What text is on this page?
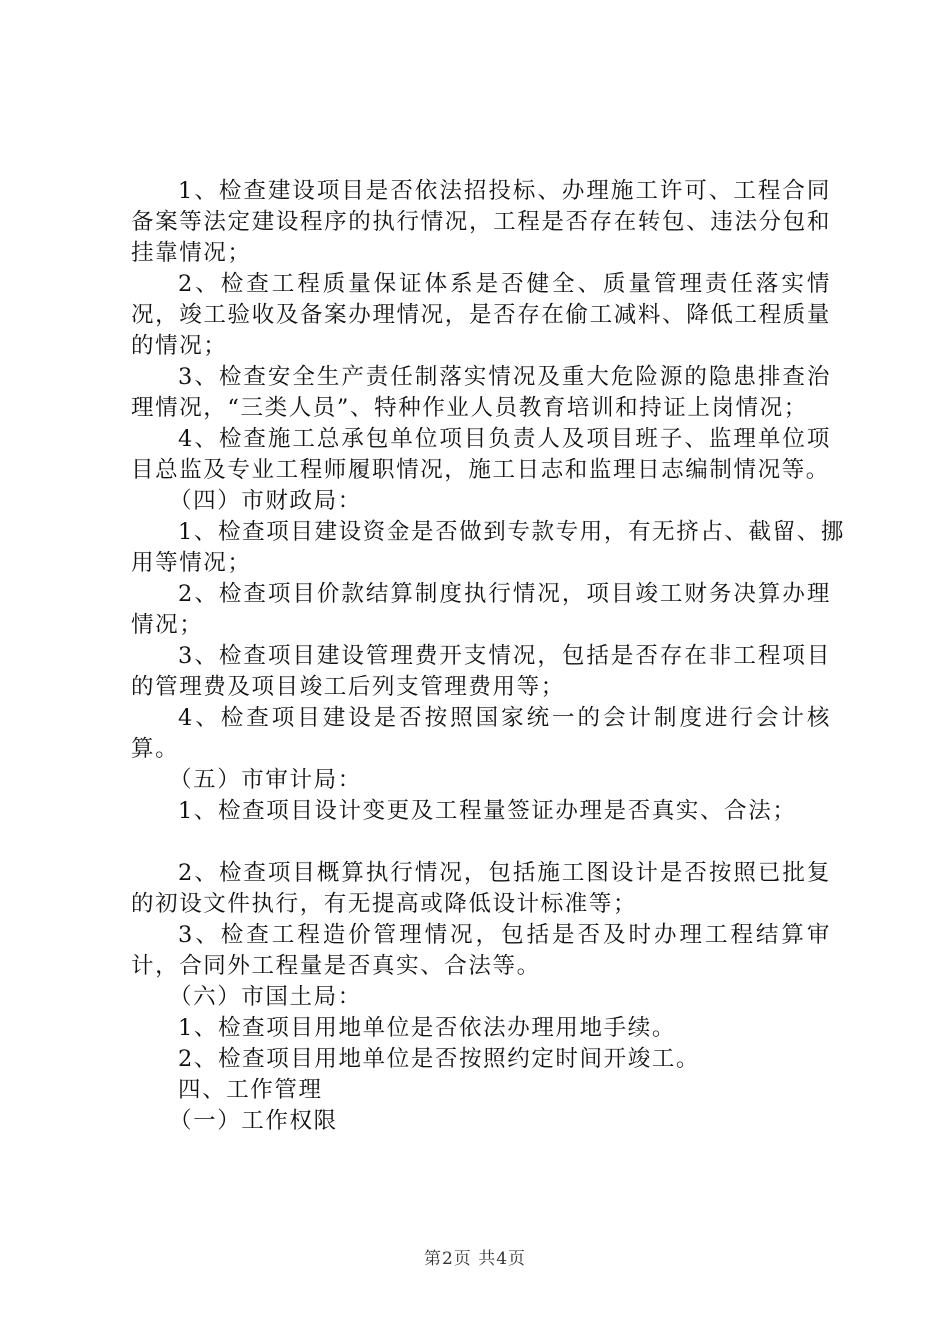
1、检查建设项目是否依法招投标、办理施工许可、工程合同备案等法定建设程序的执行情况，工程是否存在转包、违法分包和挂靠情况；

2、检查工程质量保证体系是否健全、质量管理责任落实情况，竣工验收及备案办理情况，是否存在偷工减料、降低工程质量的情况；

3、检查安全生产责任制落实情况及重大危险源的隐患排查治理情况，“三类人员”、特种作业人员教育培训和持证上岗情况；

4、检查施工总承包单位项目负责人及项目班子、监理单位项目总监及专业工程师履职情况，施工日志和监理日志编制情况等。

（四）市财政局：

1、检查项目建设资金是否做到专款专用，有无挤占、截留、挪用等情况；

2、检查项目价款结算制度执行情况，项目竣工财务决算办理情况；

3、检查项目建设管理费开支情况，包括是否存在非工程项目的管理费及项目竣工后列支管理费用等；

4、检查项目建设是否按照国家统一的会计制度进行会计核算。

（五）市审计局：

1、检查项目设计变更及工程量签证办理是否真实、合法；

2、检查项目概算执行情况，包括施工图设计是否按照已批复的初设文件执行，有无提高或降低设计标准等；

3、检查工程造价管理情况，包括是否及时办理工程结算审计，合同外工程量是否真实、合法等。

（六）市国土局：

1、检查项目用地单位是否依法办理用地手续。

2、检查项目用地单位是否按照约定时间开竣工。

四、工作管理

（一）工作权限

第2页 共4页
